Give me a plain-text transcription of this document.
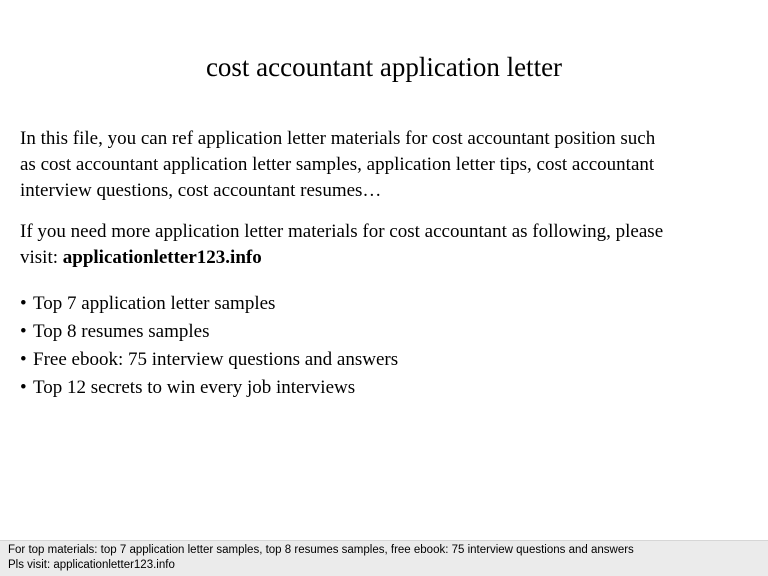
cost accountant application letter
In this file, you can ref application letter materials for cost accountant position such
as cost accountant application letter samples, application letter tips, cost accountant
interview questions, cost accountant resumes…
If you need more application letter materials for cost accountant as following, please
visit: applicationletter123.info
• Top 7 application letter samples
• Top 8 resumes samples
• Free ebook: 75 interview questions and answers
• Top 12 secrets to win every job interviews
For top materials: top 7 application letter samples, top 8 resumes samples, free ebook: 75 interview questions and answers
Pls visit: applicationletter123.info
